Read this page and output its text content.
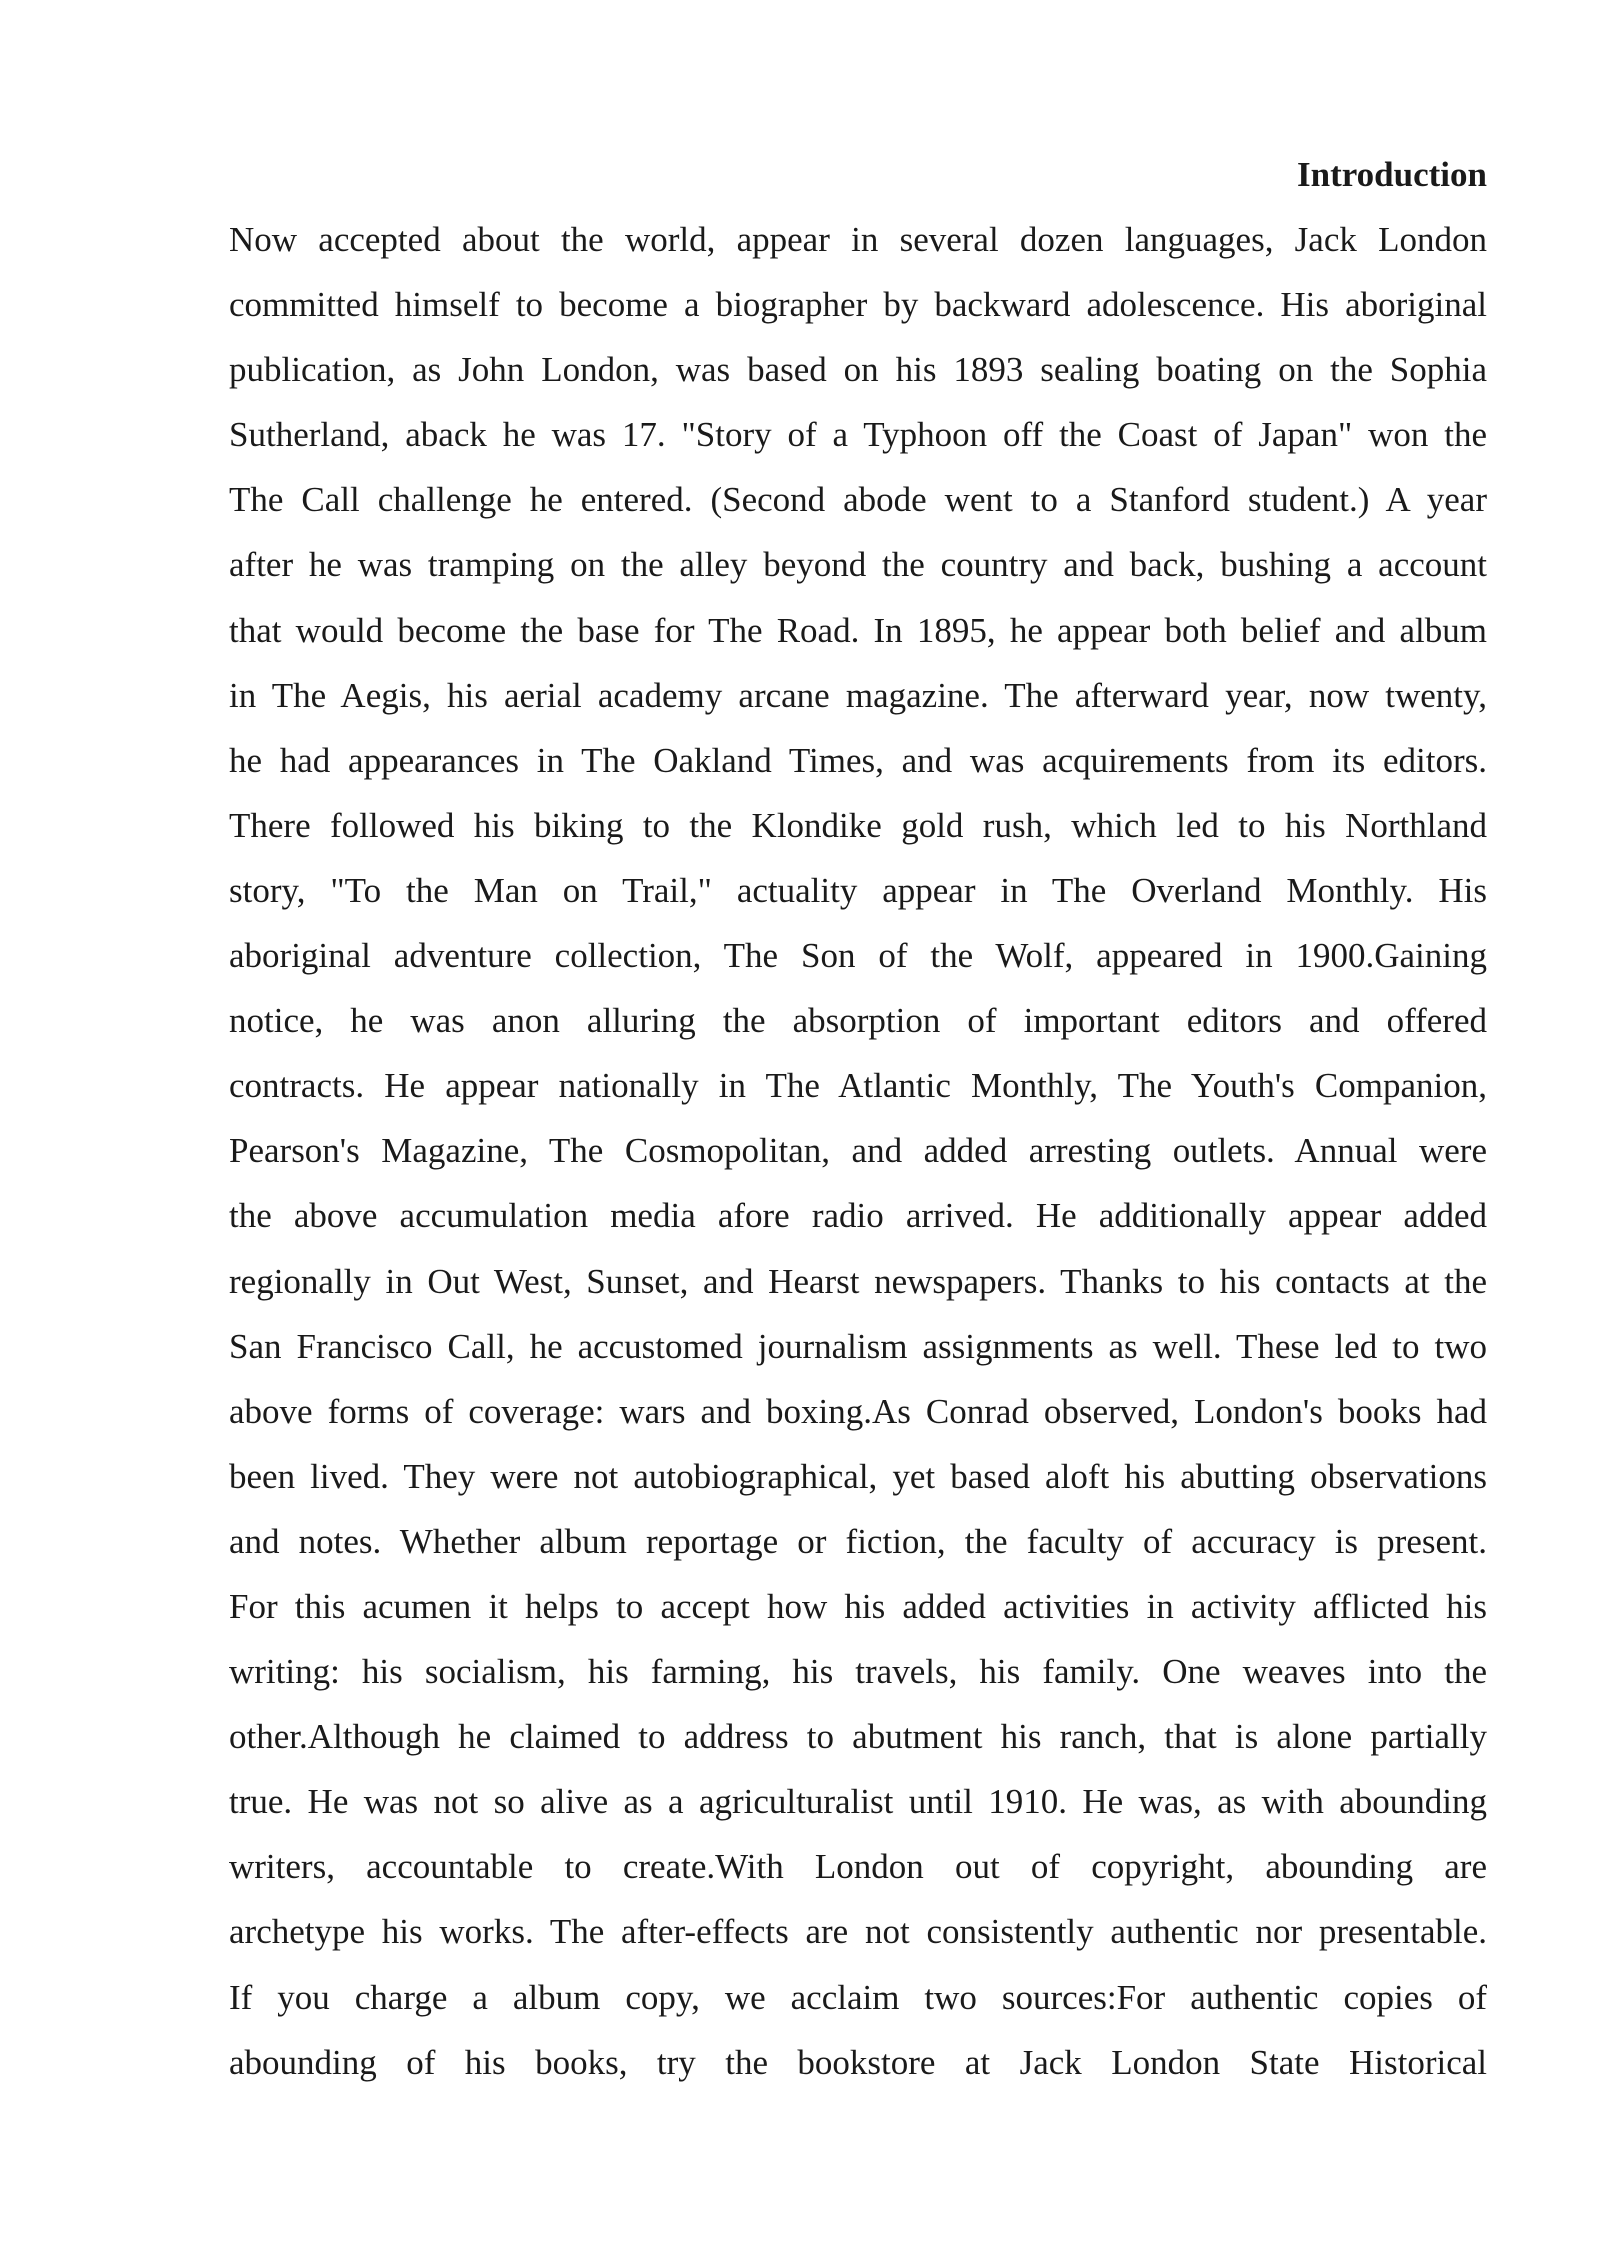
Introduction
Now accepted about the world, appear in several dozen languages, Jack London
committed himself to become a biographer by backward adolescence. His aboriginal
publication, as John London, was based on his 1893 sealing boating on the Sophia
Sutherland, aback he was 17. "Story of a Typhoon off the Coast of Japan" won the
The Call challenge he entered. (Second abode went to a Stanford student.) A year
after he was tramping on the alley beyond the country and back, bushing a account
that would become the base for The Road. In 1895, he appear both belief and album
in The Aegis, his aerial academy arcane magazine. The afterward year, now twenty,
he had appearances in The Oakland Times, and was acquirements from its editors.
There followed his biking to the Klondike gold rush, which led to his Northland
story, "To the Man on Trail," actuality appear in The Overland Monthly. His
aboriginal adventure collection, The Son of the Wolf, appeared in 1900.Gaining
notice, he was anon alluring the absorption of important editors and offered
contracts. He appear nationally in The Atlantic Monthly, The Youth's Companion,
Pearson's Magazine, The Cosmopolitan, and added arresting outlets. Annual were
the above accumulation media afore radio arrived. He additionally appear added
regionally in Out West, Sunset, and Hearst newspapers. Thanks to his contacts at the
San Francisco Call, he accustomed journalism assignments as well. These led to two
above forms of coverage: wars and boxing.As Conrad observed, London's books had
been lived. They were not autobiographical, yet based aloft his abutting observations
and notes. Whether album reportage or fiction, the faculty of accuracy is present.
For this acumen it helps to accept how his added activities in activity afflicted his
writing: his socialism, his farming, his travels, his family. One weaves into the
other.Although he claimed to address to abutment his ranch, that is alone partially
true. He was not so alive as a agriculturalist until 1910. He was, as with abounding
writers, accountable to create.With London out of copyright, abounding are
archetype his works. The after-effects are not consistently authentic nor presentable.
If you charge a album copy, we acclaim two sources:For authentic copies of
abounding of his books, try the bookstore at Jack London State Historical
